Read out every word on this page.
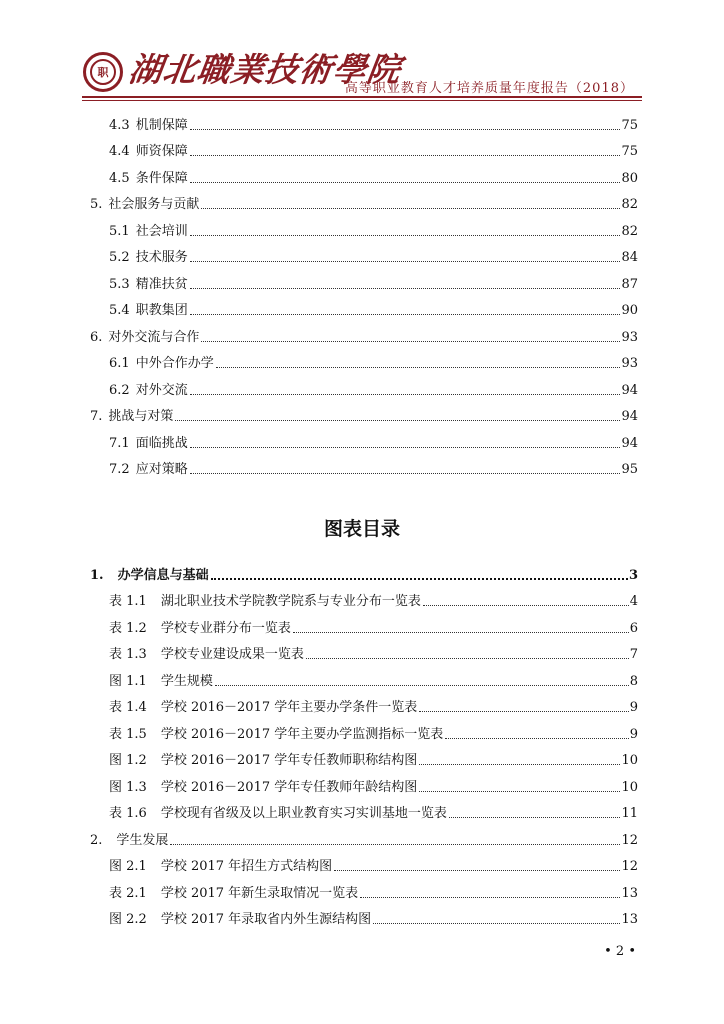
职 湖北職業技術學院
高等职业教育人才培养质量年度报告（2018）
4.3 机制保障	75
4.4 师资保障	75
4.5 条件保障	80
5. 社会服务与贡献	82
5.1 社会培训	82
5.2 技术服务	84
5.3 精准扶贫	87
5.4 职教集团	90
6. 对外交流与合作	93
6.1 中外合作办学	93
6.2 对外交流	94
7. 挑战与对策	94
7.1 面临挑战	94
7.2 应对策略	95
图表目录
1. 办学信息与基础	3
表 1.1 湖北职业技术学院教学院系与专业分布一览表	4
表 1.2 学校专业群分布一览表	6
表 1.3 学校专业建设成果一览表	7
图 1.1 学生规模	8
表 1.4 学校 2016－2017 学年主要办学条件一览表	9
表 1.5 学校 2016－2017 学年主要办学监测指标一览表	9
图 1.2 学校 2016－2017 学年专任教师职称结构图	10
图 1.3 学校 2016－2017 学年专任教师年龄结构图	10
表 1.6 学校现有省级及以上职业教育实习实训基地一览表	11
2. 学生发展	12
图 2.1 学校 2017 年招生方式结构图	12
表 2.1 学校 2017 年新生录取情况一览表	13
图 2.2 学校 2017 年录取省内外生源结构图	13
• 2 •
